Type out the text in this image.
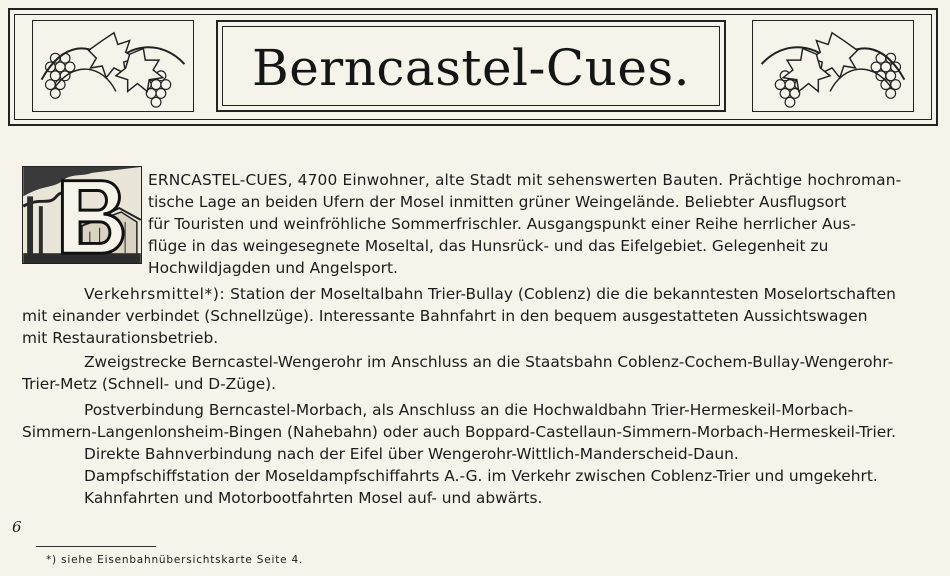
Berncastel-Cues.
ERNCASTEL-CUES, 4700 Einwohner, alte Stadt mit sehenswerten Bauten. Prächtige hochroman-
tische Lage an beiden Ufern der Mosel inmitten grüner Weingelände. Beliebter Ausflugsort
für Touristen und weinfröhliche Sommerfrischler. Ausgangspunkt einer Reihe herrlicher Aus-
flüge in das weingesegnete Moseltal, das Hunsrück- und das Eifelgebiet. Gelegenheit zu
Hochwildjagden und Angelsport.
Verkehrsmittel*): Station der Moseltalbahn Trier-Bullay (Coblenz) die die bekanntesten Moselortschaften
mit einander verbindet (Schnellzüge). Interessante Bahnfahrt in den bequem ausgestatteten Aussichtswagen
mit Restaurationsbetrieb.
Zweigstrecke Berncastel-Wengerohr im Anschluss an die Staatsbahn Coblenz-Cochem-Bullay-Wengerohr-
Trier-Metz (Schnell- und D-Züge).
Postverbindung Berncastel-Morbach, als Anschluss an die Hochwaldbahn Trier-Hermeskeil-Morbach-
Simmern-Langenlonsheim-Bingen (Nahebahn) oder auch Boppard-Castellaun-Simmern-Morbach-Hermeskeil-Trier.
Direkte Bahnverbindung nach der Eifel über Wengerohr-Wittlich-Manderscheid-Daun.
Dampfschiffstation der Moseldampfschiffahrts A.-G. im Verkehr zwischen Coblenz-Trier und umgekehrt.
Kahnfahrten und Motorbootfahrten Mosel auf- und abwärts.
6
*) siehe Eisenbahnübersichtskarte Seite 4.
